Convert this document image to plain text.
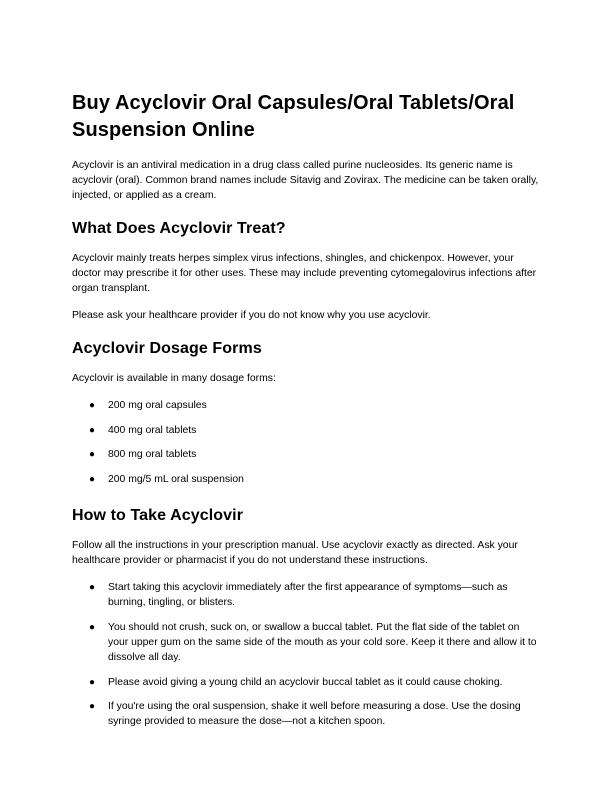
Buy Acyclovir Oral Capsules/Oral Tablets/Oral Suspension Online

Acyclovir is an antiviral medication in a drug class called purine nucleosides. Its generic name is acyclovir (oral). Common brand names include Sitavig and Zovirax. The medicine can be taken orally, injected, or applied as a cream.

What Does Acyclovir Treat?

Acyclovir mainly treats herpes simplex virus infections, shingles, and chickenpox. However, your doctor may prescribe it for other uses. These may include preventing cytomegalovirus infections after organ transplant.

Please ask your healthcare provider if you do not know why you use acyclovir.

Acyclovir Dosage Forms

Acyclovir is available in many dosage forms:

● 200 mg oral capsules
● 400 mg oral tablets
● 800 mg oral tablets
● 200 mg/5 mL oral suspension
How to Take Acyclovir

Follow all the instructions in your prescription manual. Use acyclovir exactly as directed. Ask your healthcare provider or pharmacist if you do not understand these instructions.

● Start taking this acyclovir immediately after the first appearance of symptoms—such as burning, tingling, or blisters.
● You should not crush, suck on, or swallow a buccal tablet. Put the flat side of the tablet on your upper gum on the same side of the mouth as your cold sore. Keep it there and allow it to dissolve all day.
● Please avoid giving a young child an acyclovir buccal tablet as it could cause choking.
● If you're using the oral suspension, shake it well before measuring a dose. Use the dosing syringe provided to measure the dose—not a kitchen spoon.
